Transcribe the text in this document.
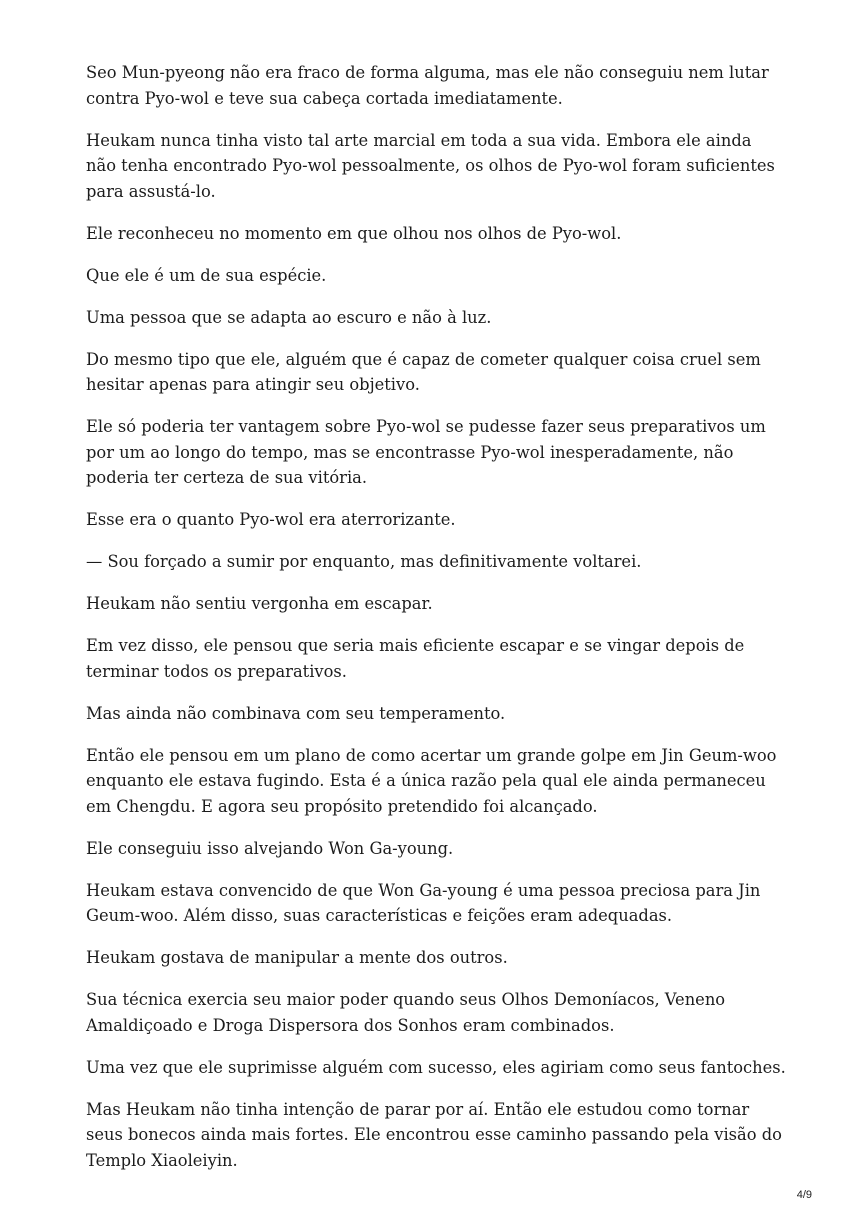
Seo Mun-pyeong não era fraco de forma alguma, mas ele não conseguiu nem lutar contra Pyo-wol e teve sua cabeça cortada imediatamente.

Heukam nunca tinha visto tal arte marcial em toda a sua vida. Embora ele ainda não tenha encontrado Pyo-wol pessoalmente, os olhos de Pyo-wol foram suficientes para assustá-lo.

Ele reconheceu no momento em que olhou nos olhos de Pyo-wol.

Que ele é um de sua espécie.

Uma pessoa que se adapta ao escuro e não à luz.

Do mesmo tipo que ele, alguém que é capaz de cometer qualquer coisa cruel sem hesitar apenas para atingir seu objetivo.

Ele só poderia ter vantagem sobre Pyo-wol se pudesse fazer seus preparativos um por um ao longo do tempo, mas se encontrasse Pyo-wol inesperadamente, não poderia ter certeza de sua vitória.

Esse era o quanto Pyo-wol era aterrorizante.

— Sou forçado a sumir por enquanto, mas definitivamente voltarei.

Heukam não sentiu vergonha em escapar.

Em vez disso, ele pensou que seria mais eficiente escapar e se vingar depois de terminar todos os preparativos.

Mas ainda não combinava com seu temperamento.

Então ele pensou em um plano de como acertar um grande golpe em Jin Geum-woo enquanto ele estava fugindo. Esta é a única razão pela qual ele ainda permaneceu em Chengdu. E agora seu propósito pretendido foi alcançado.

Ele conseguiu isso alvejando Won Ga-young.

Heukam estava convencido de que Won Ga-young é uma pessoa preciosa para Jin Geum-woo. Além disso, suas características e feições eram adequadas.

Heukam gostava de manipular a mente dos outros.

Sua técnica exercia seu maior poder quando seus Olhos Demoníacos, Veneno Amaldiçoado e Droga Dispersora dos Sonhos eram combinados.

Uma vez que ele suprimisse alguém com sucesso, eles agiriam como seus fantoches.

Mas Heukam não tinha intenção de parar por aí. Então ele estudou como tornar seus bonecos ainda mais fortes. Ele encontrou esse caminho passando pela visão do Templo Xiaoleiyin.

4/9
